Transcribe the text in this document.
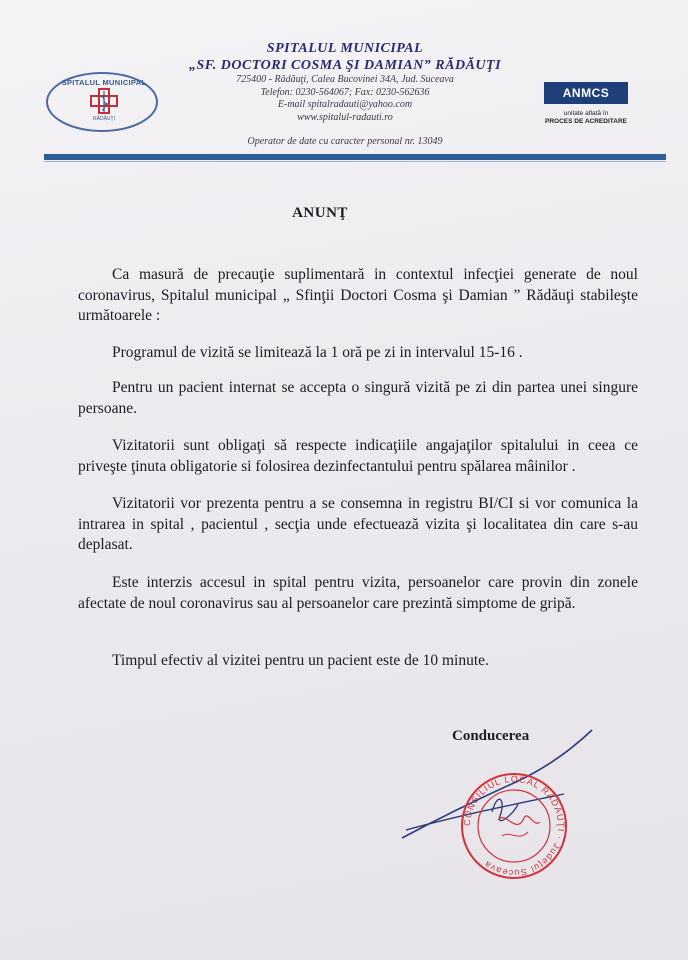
SPITALUL MUNICIPAL
RĂDĂUŢI
SPITALUL MUNICIPAL
„SF. DOCTORI COSMA ŞI DAMIAN” RĂDĂUŢI
725400 - Rădăuţi, Calea Bucovinei 34A, Jud. Suceava
Telefon: 0230-564067; Fax: 0230-562636
E-mail spitalradauti@yahoo.com
www.spitalul-radauti.ro
Operator de date cu caracter personal nr. 13049
ANMCS
unitate aflată în
PROCES DE ACREDITARE
ANUNŢ
Ca masură de precauţie suplimentară in contextul infecţiei generate de noul coronavirus, Spitalul municipal „ Sfinţii Doctori Cosma şi Damian ” Rădăuţi stabileşte următoarele :
Programul de vizită se limitează la 1 oră pe zi in intervalul 15-16 .
Pentru un pacient internat se accepta o singură vizită pe zi din partea unei singure persoane.
Vizitatorii sunt obligaţi să respecte indicaţiile angajaţilor spitalului in ceea ce priveşte ţinuta obligatorie si folosirea dezinfectantului pentru spălarea mâinilor .
Vizitatorii vor prezenta pentru a se consemna in registru BI/CI si vor comunica la intrarea in spital , pacientul , secţia unde efectuează vizita şi localitatea din care s-au deplasat.
Este interzis accesul in spital pentru vizita, persoanelor care provin din zonele afectate de noul coronavirus sau al persoanelor care prezintă simptome de gripă.
Timpul efectiv al vizitei pentru un pacient este de 10 minute.
Conducerea
CONSILIUL LOCAL RĂDĂUŢI · Judeţul Suceava
